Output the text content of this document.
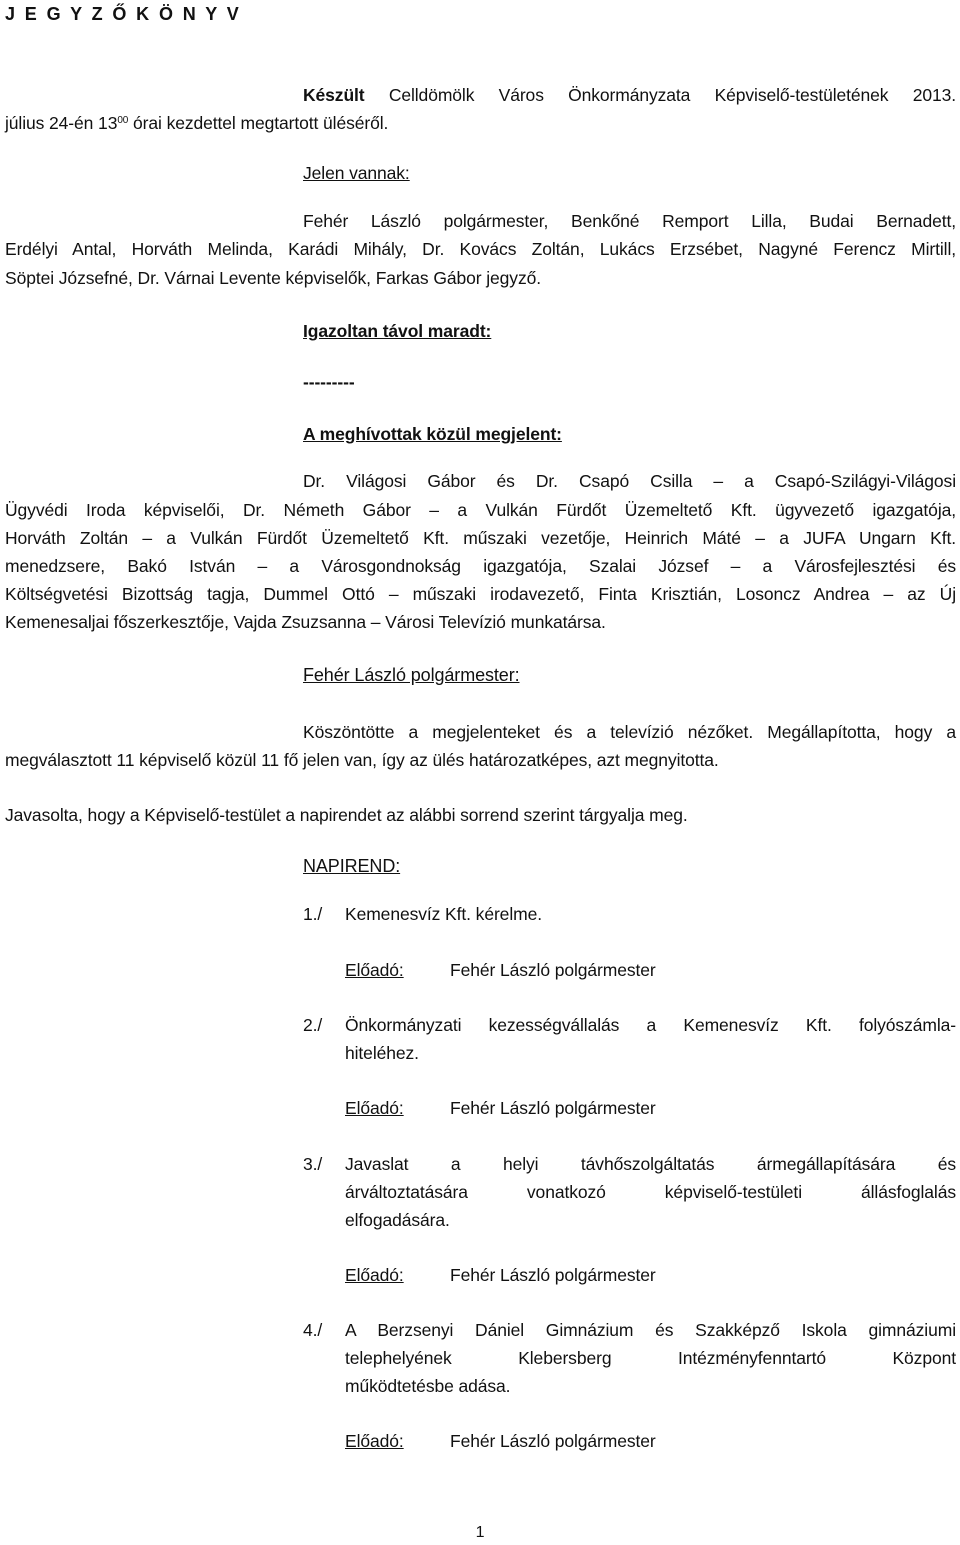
J E G Y Z Ő K Ö N Y V
Készült Celldömölk Város Önkormányzata Képviselő-testületének 2013.
július 24-én $13^{00}$ órai kezdettel megtartott üléséről.
Jelen vannak:
Fehér László polgármester, Benkőné Remport Lilla, Budai Bernadett,
Erdélyi Antal, Horváth Melinda, Karádi Mihály, Dr. Kovács Zoltán, Lukács Erzsébet, Nagyné Ferencz Mirtill,
Söptei Józsefné, Dr. Várnai Levente képviselők, Farkas Gábor jegyző.
Igazoltan távol maradt:
---------
A meghívottak közül megjelent:
Dr. Világosi Gábor és Dr. Csapó Csilla – a Csapó-Szilágyi-Világosi
Ügyvédi Iroda képviselői, Dr. Németh Gábor – a Vulkán Fürdőt Üzemeltető Kft. ügyvezető igazgatója,
Horváth Zoltán – a Vulkán Fürdőt Üzemeltető Kft. műszaki vezetője, Heinrich Máté – a JUFA Ungarn Kft.
menedzsere, Bakó István – a Városgondnokság igazgatója, Szalai József – a Városfejlesztési és
Költségvetési Bizottság tagja, Dummel Ottó – műszaki irodavezető, Finta Krisztián, Losoncz Andrea – az Új
Kemenesaljai főszerkesztője, Vajda Zsuzsanna – Városi Televízió munkatársa.
Fehér László polgármester:
Köszöntötte a megjelenteket és a televízió nézőket. Megállapította, hogy a
megválasztott 11 képviselő közül 11 fő jelen van, így az ülés határozatképes, azt megnyitotta.
Javasolta, hogy a Képviselő-testület a napirendet az alábbi sorrend szerint tárgyalja meg.
NAPIREND:
1./ Kemenesvíz Kft. kérelme.
Előadó:	Fehér László polgármester
2./ Önkormányzati kezességvállalás a Kemenesvíz Kft. folyószámla-
hiteléhez.
Előadó:	Fehér László polgármester
3./ Javaslat a helyi távhőszolgáltatás ármegállapítására és
árváltoztatására vonatkozó képviselő-testületi állásfoglalás
elfogadására.
Előadó:	Fehér László polgármester
4./ A Berzsenyi Dániel Gimnázium és Szakképző Iskola gimnáziumi
telephelyének Klebersberg Intézményfenntartó Központ
működtetésbe adása.
Előadó:	Fehér László polgármester
1
